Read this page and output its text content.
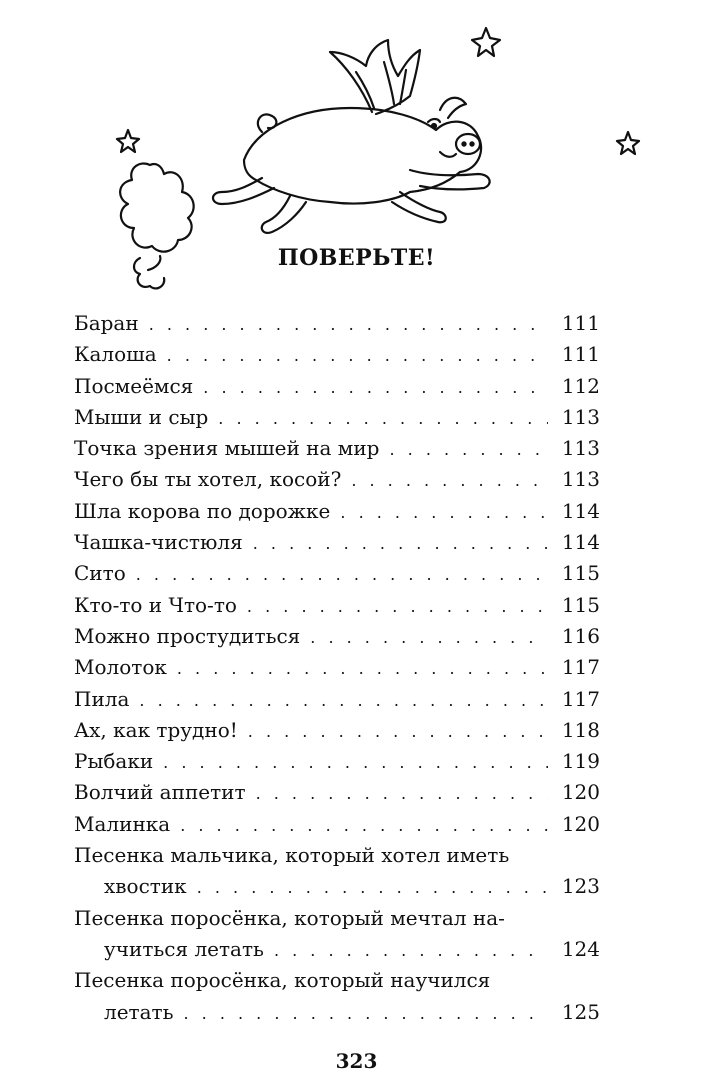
ПОВЕРЬТЕ!
Баран . . .	111
Калоша . . .	111
Посмеёмся . . .	112
Мыши и сыр . . .	113
Точка зрения мышей на мир . . .	113
Чего бы ты хотел, косой? . . .	113
Шла корова по дорожке . . .	114
Чашка-чистюля . . .	114
Сито . . .	115
Кто-то и Что-то . . .	115
Можно простудиться . . .	116
Молоток . . .	117
Пила . . .	117
Ах, как трудно! . . .	118
Рыбаки . . .	119
Волчий аппетит . . .	120
Малинка . . .	120
Песенка мальчика, который хотел иметь
хвостик . . .	123
Песенка поросёнка, который мечтал на-
учиться летать . . .	124
Песенка поросёнка, который научился
летать . . .	125
323
